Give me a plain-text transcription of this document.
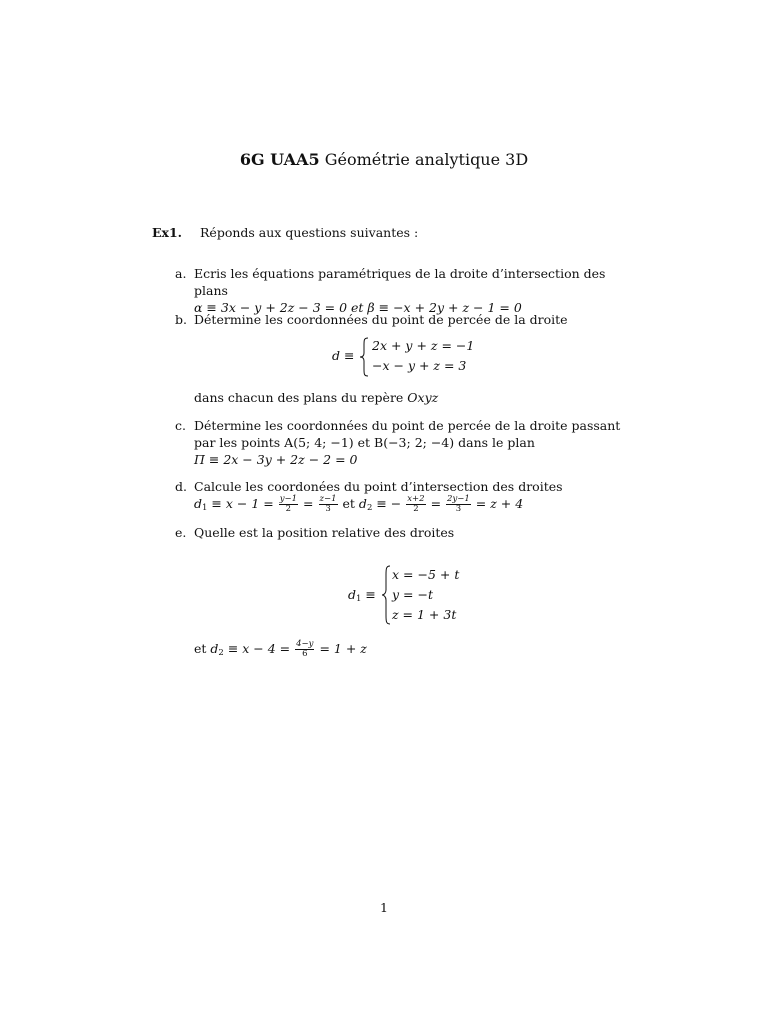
6G UAA5 Géométrie analytique 3D
Ex1. Réponds aux questions suivantes :
a. Ecris les équations paramétriques de la droite d’intersection des plans
α ≡ 3x − y + 2z − 3 = 0 et β ≡ −x + 2y + z − 1 = 0
b. Détermine les coordonnées du point de percée de la droite
d ≡
2x + y + z = −1
−x − y + z = 3
dans chacun des plans du repère Oxyz
c. Détermine les coordonnées du point de percée de la droite passant
par les points A(5; 4; −1) et B(−3; 2; −4) dans le plan
Π ≡ 2x − 3y + 2z − 2 = 0
d. Calcule les coordonées du point d’intersection des droites
$d_1 \equiv x - 1 = \frac{y-1}{2} = \frac{z-1}{3}$ et $d_2$ ≡ − $\frac{x+2}{2} = \frac{2y-1}{3} = z + 4$
e. Quelle est la position relative des droites
$d_1$ ≡
x = −5 + t
y = −t
z = 1 + 3t
et $d_2 \equiv x - 4 = \frac{4-y}{6} = 1 + z$
1
